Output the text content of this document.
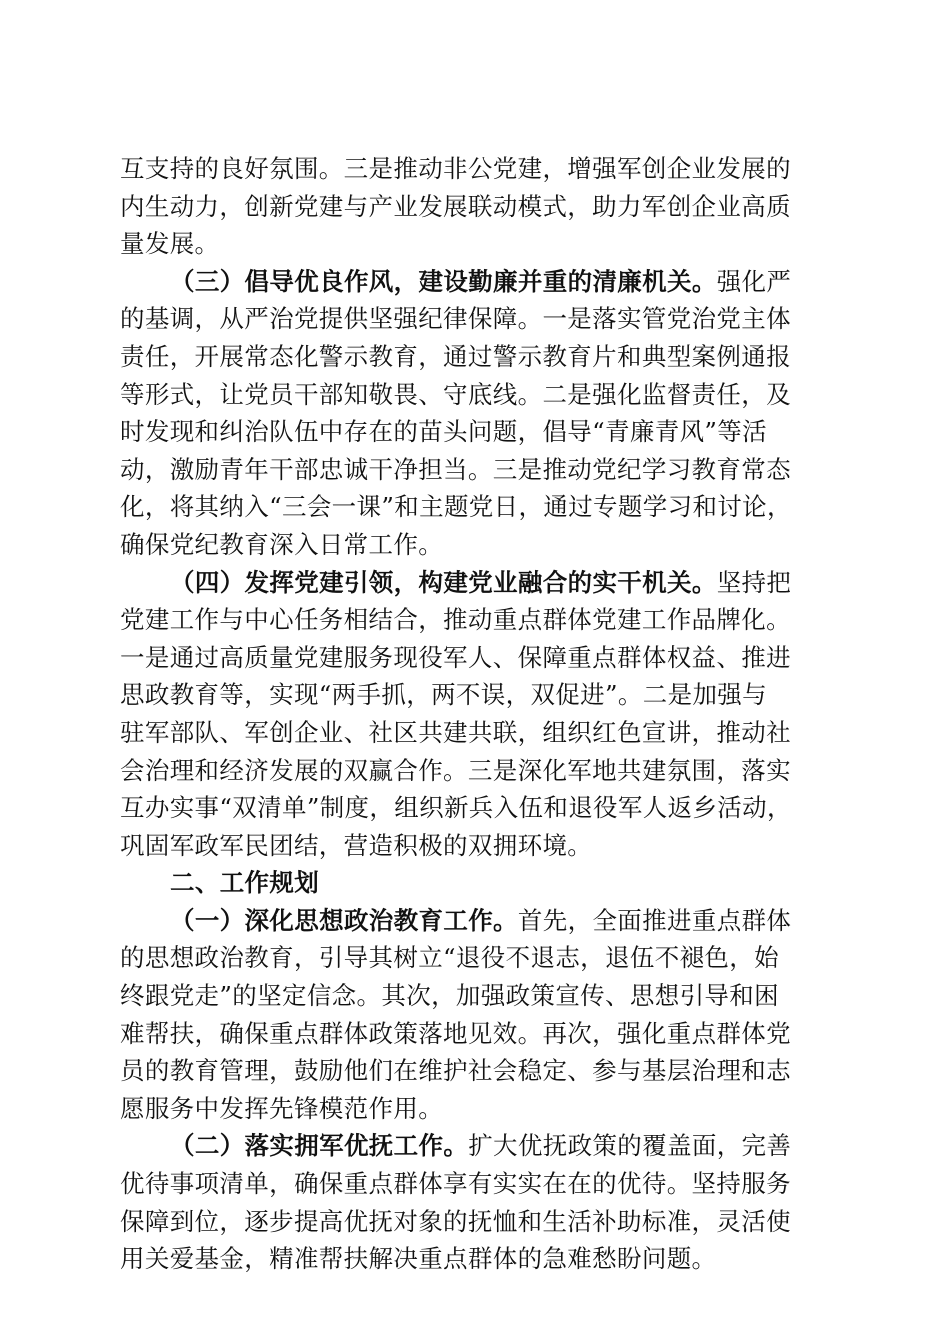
互支持的良好氛围。三是推动非公党建，增强军创企业发展的
内生动力，创新党建与产业发展联动模式，助力军创企业高质
量发展。
（三）倡导优良作风，建设勤廉并重的清廉机关。强化严
的基调，从严治党提供坚强纪律保障。一是落实管党治党主体
责任，开展常态化警示教育，通过警示教育片和典型案例通报
等形式，让党员干部知敬畏、守底线。二是强化监督责任，及
时发现和纠治队伍中存在的苗头问题，倡导“青廉青风”等活
动，激励青年干部忠诚干净担当。三是推动党纪学习教育常态
化，将其纳入“三会一课”和主题党日，通过专题学习和讨论，
确保党纪教育深入日常工作。
（四）发挥党建引领，构建党业融合的实干机关。坚持把
党建工作与中心任务相结合，推动重点群体党建工作品牌化。
一是通过高质量党建服务现役军人、保障重点群体权益、推进
思政教育等，实现“两手抓，两不误，双促进”。二是加强与
驻军部队、军创企业、社区共建共联，组织红色宣讲，推动社
会治理和经济发展的双赢合作。三是深化军地共建氛围，落实
互办实事“双清单”制度，组织新兵入伍和退役军人返乡活动，
巩固军政军民团结，营造积极的双拥环境。
二、工作规划
（一）深化思想政治教育工作。首先，全面推进重点群体
的思想政治教育，引导其树立“退役不退志，退伍不褪色，始
终跟党走”的坚定信念。其次，加强政策宣传、思想引导和困
难帮扶，确保重点群体政策落地见效。再次，强化重点群体党
员的教育管理，鼓励他们在维护社会稳定、参与基层治理和志
愿服务中发挥先锋模范作用。
（二）落实拥军优抚工作。扩大优抚政策的覆盖面，完善
优待事项清单，确保重点群体享有实实在在的优待。坚持服务
保障到位，逐步提高优抚对象的抚恤和生活补助标准，灵活使
用关爱基金，精准帮扶解决重点群体的急难愁盼问题。
